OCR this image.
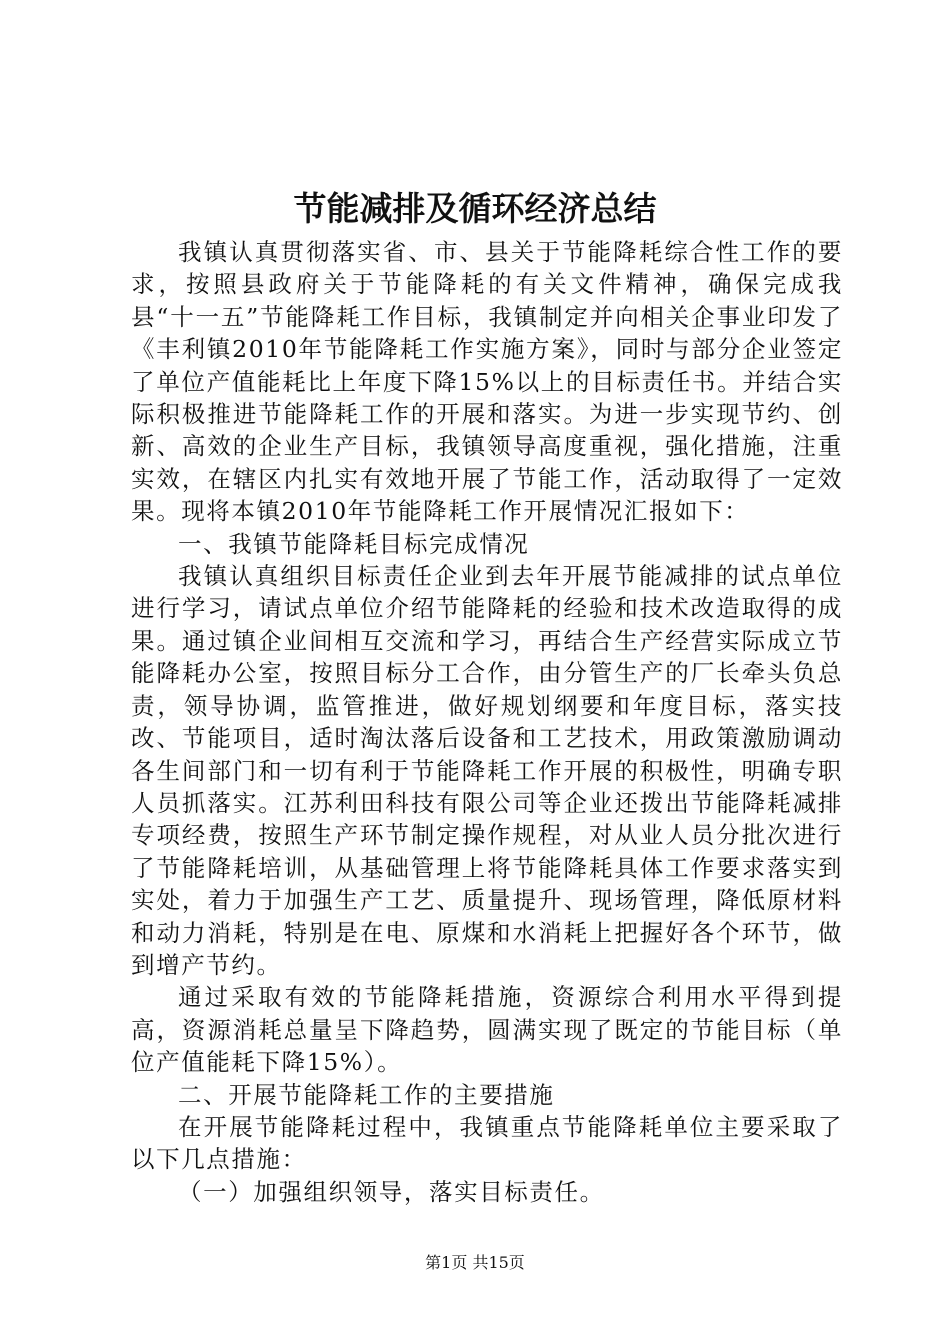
节能减排及循环经济总结

我镇认真贯彻落实省、市、县关于节能降耗综合性工作的要求，按照县政府关于节能降耗的有关文件精神，确保完成我县“十一五”节能降耗工作目标，我镇制定并向相关企事业印发了《丰利镇2010年节能降耗工作实施方案》，同时与部分企业签定了单位产值能耗比上年度下降15%以上的目标责任书。并结合实际积极推进节能降耗工作的开展和落实。为进一步实现节约、创新、高效的企业生产目标，我镇领导高度重视，强化措施，注重实效，在辖区内扎实有效地开展了节能工作，活动取得了一定效果。现将本镇2010年节能降耗工作开展情况汇报如下：

一、我镇节能降耗目标完成情况

我镇认真组织目标责任企业到去年开展节能减排的试点单位进行学习，请试点单位介绍节能降耗的经验和技术改造取得的成果。通过镇企业间相互交流和学习，再结合生产经营实际成立节能降耗办公室，按照目标分工合作，由分管生产的厂长牵头负总责，领导协调，监管推进，做好规划纲要和年度目标，落实技改、节能项目，适时淘汰落后设备和工艺技术，用政策激励调动各生间部门和一切有利于节能降耗工作开展的积极性，明确专职人员抓落实。江苏利田科技有限公司等企业还拨出节能降耗减排专项经费，按照生产环节制定操作规程，对从业人员分批次进行了节能降耗培训，从基础管理上将节能降耗具体工作要求落实到实处，着力于加强生产工艺、质量提升、现场管理，降低原材料和动力消耗，特别是在电、原煤和水消耗上把握好各个环节，做到增产节约。

通过采取有效的节能降耗措施，资源综合利用水平得到提高，资源消耗总量呈下降趋势，圆满实现了既定的节能目标（单位产值能耗下降15%）。

二、开展节能降耗工作的主要措施

在开展节能降耗过程中，我镇重点节能降耗单位主要采取了以下几点措施：

（一）加强组织领导，落实目标责任。

第1页 共15页
